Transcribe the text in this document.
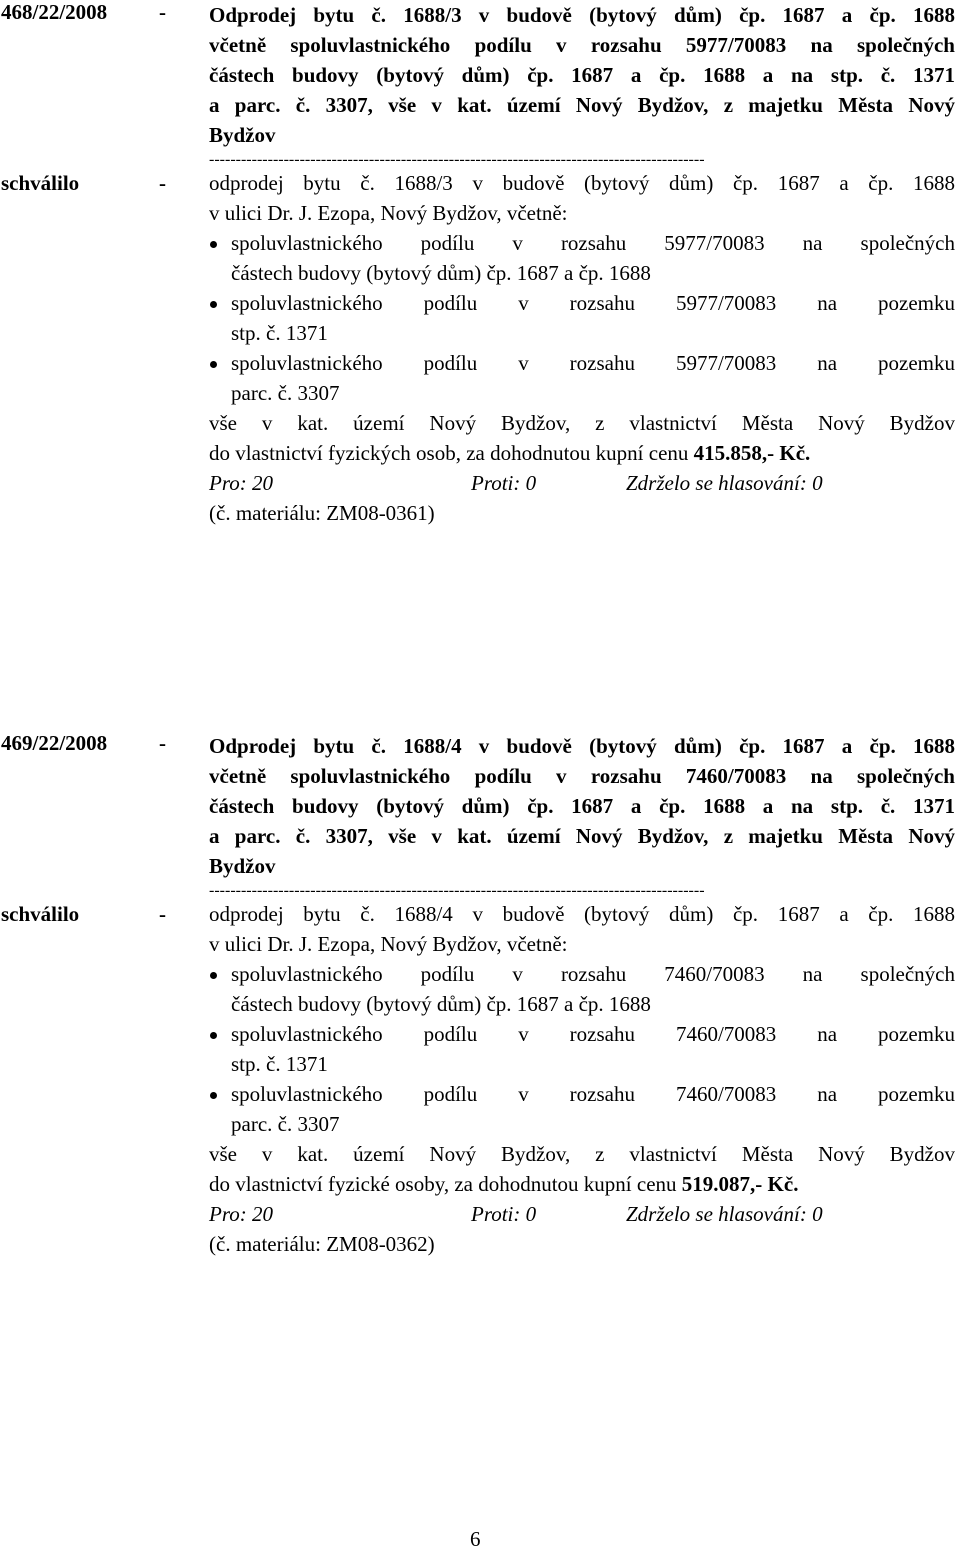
468/22/2008	-	Odprodej bytu č. 1688/3 v budově (bytový dům) čp. 1687 a čp. 1688
včetně spoluvlastnického podílu v rozsahu 5977/70083 na společných
částech budovy (bytový dům) čp. 1687 a čp. 1688 a na stp. č. 1371
a parc. č. 3307, vše v kat. území Nový Bydžov, z majetku Města Nový
Bydžov
---------------------------------------------------------------------------------------------
schválilo	-	odprodej bytu č. 1688/3 v budově (bytový dům) čp. 1687 a čp. 1688
v ulici Dr. J. Ezopa, Nový Bydžov, včetně:
spoluvlastnického podílu v rozsahu 5977/70083 na společných
částech budovy (bytový dům) čp. 1687 a čp. 1688
spoluvlastnického podílu v rozsahu 5977/70083 na pozemku
stp. č. 1371
spoluvlastnického podílu v rozsahu 5977/70083 na pozemku
parc. č. 3307
vše v kat. území Nový Bydžov, z vlastnictví Města Nový Bydžov
do vlastnictví fyzických osob, za dohodnutou kupní cenu 415.858,- Kč.
Pro: 20	Proti: 0	Zdrželo se hlasování: 0
(č. materiálu: ZM08-0361)
469/22/2008	-	Odprodej bytu č. 1688/4 v budově (bytový dům) čp. 1687 a čp. 1688
včetně spoluvlastnického podílu v rozsahu 7460/70083 na společných
částech budovy (bytový dům) čp. 1687 a čp. 1688 a na stp. č. 1371
a parc. č. 3307, vše v kat. území Nový Bydžov, z majetku Města Nový
Bydžov
---------------------------------------------------------------------------------------------
schválilo	-	odprodej bytu č. 1688/4 v budově (bytový dům) čp. 1687 a čp. 1688
v ulici Dr. J. Ezopa, Nový Bydžov, včetně:
spoluvlastnického podílu v rozsahu 7460/70083 na společných
částech budovy (bytový dům) čp. 1687 a čp. 1688
spoluvlastnického podílu v rozsahu 7460/70083 na pozemku
stp. č. 1371
spoluvlastnického podílu v rozsahu 7460/70083 na pozemku
parc. č. 3307
vše v kat. území Nový Bydžov, z vlastnictví Města Nový Bydžov
do vlastnictví fyzické osoby, za dohodnutou kupní cenu 519.087,- Kč.
Pro: 20	Proti: 0	Zdrželo se hlasování: 0
(č. materiálu: ZM08-0362)
6
